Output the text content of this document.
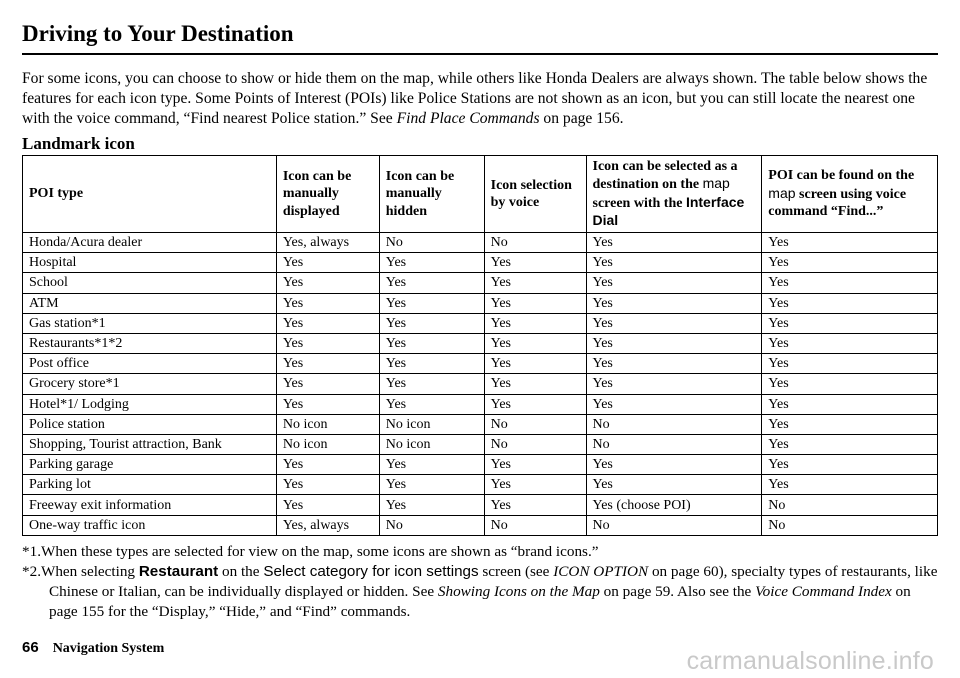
Driving to Your Destination
For some icons, you can choose to show or hide them on the map, while others like Honda Dealers are always shown. The table below shows the features for each icon type. Some Points of Interest (POIs) like Police Stations are not shown as an icon, but you can still locate the nearest one with the voice command, “Find nearest Police station.” See Find Place Commands on page 156.
Landmark icon
POI type	Icon can be manually displayed	Icon can be manually hidden	Icon selection by voice	Icon can be selected as a destination on the map screen with the Interface Dial	POI can be found on the map screen using voice command “Find...”
Honda/Acura dealer	Yes, always	No	No	Yes	Yes
Hospital	Yes	Yes	Yes	Yes	Yes
School	Yes	Yes	Yes	Yes	Yes
ATM	Yes	Yes	Yes	Yes	Yes
Gas station*1	Yes	Yes	Yes	Yes	Yes
Restaurants*1*2	Yes	Yes	Yes	Yes	Yes
Post office	Yes	Yes	Yes	Yes	Yes
Grocery store*1	Yes	Yes	Yes	Yes	Yes
Hotel*1/ Lodging	Yes	Yes	Yes	Yes	Yes
Police station	No icon	No icon	No	No	Yes
Shopping, Tourist attraction, Bank	No icon	No icon	No	No	Yes
Parking garage	Yes	Yes	Yes	Yes	Yes
Parking lot	Yes	Yes	Yes	Yes	Yes
Freeway exit information	Yes	Yes	Yes	Yes (choose POI)	No
One-way traffic icon	Yes, always	No	No	No	No
*1.When these types are selected for view on the map, some icons are shown as “brand icons.”
*2.When selecting Restaurant on the Select category for icon settings screen (see ICON OPTION on page 60), specialty types of restaurants, like Chinese or Italian, can be individually displayed or hidden. See Showing Icons on the Map on page 59. Also see the Voice Command Index on page 155 for the “Display,” “Hide,” and “Find” commands.
66 Navigation System	carmanualsonline.info
